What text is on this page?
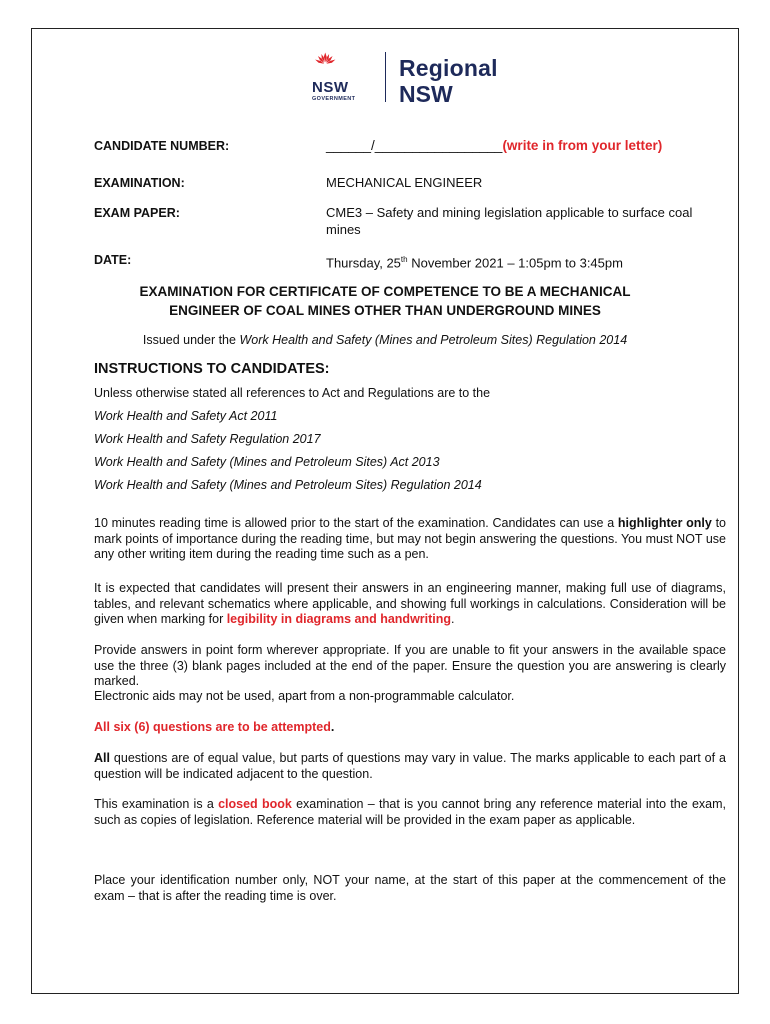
NSW
GOVERNMENT
Regional
NSW
CANDIDATE NUMBER:	______/_________________(write in from your letter)
EXAMINATION:	MECHANICAL ENGINEER
EXAM PAPER:	CME3 – Safety and mining legislation applicable to surface coal mines
DATE:	Thursday, 25th November 2021 – 1:05pm to 3:45pm
EXAMINATION FOR CERTIFICATE OF COMPETENCE TO BE A MECHANICAL
ENGINEER OF COAL MINES OTHER THAN UNDERGROUND MINES
Issued under the Work Health and Safety (Mines and Petroleum Sites) Regulation 2014
INSTRUCTIONS TO CANDIDATES:
Unless otherwise stated all references to Act and Regulations are to the
Work Health and Safety Act 2011
Work Health and Safety Regulation 2017
Work Health and Safety (Mines and Petroleum Sites) Act 2013
Work Health and Safety (Mines and Petroleum Sites) Regulation 2014
10 minutes reading time is allowed prior to the start of the examination. Candidates can use a highlighter only to mark points of importance during the reading time, but may not begin answering the questions. You must NOT use any other writing item during the reading time such as a pen.
It is expected that candidates will present their answers in an engineering manner, making full use of diagrams, tables, and relevant schematics where applicable, and showing full workings in calculations. Consideration will be given when marking for legibility in diagrams and handwriting.
Provide answers in point form wherever appropriate. If you are unable to fit your answers in the available space use the three (3) blank pages included at the end of the paper. Ensure the question you are answering is clearly marked.
Electronic aids may not be used, apart from a non-programmable calculator.
All six (6) questions are to be attempted.
All questions are of equal value, but parts of questions may vary in value. The marks applicable to each part of a question will be indicated adjacent to the question.
This examination is a closed book examination – that is you cannot bring any reference material into the exam, such as copies of legislation. Reference material will be provided in the exam paper as applicable.
Place your identification number only, NOT your name, at the start of this paper at the commencement of the exam – that is after the reading time is over.
